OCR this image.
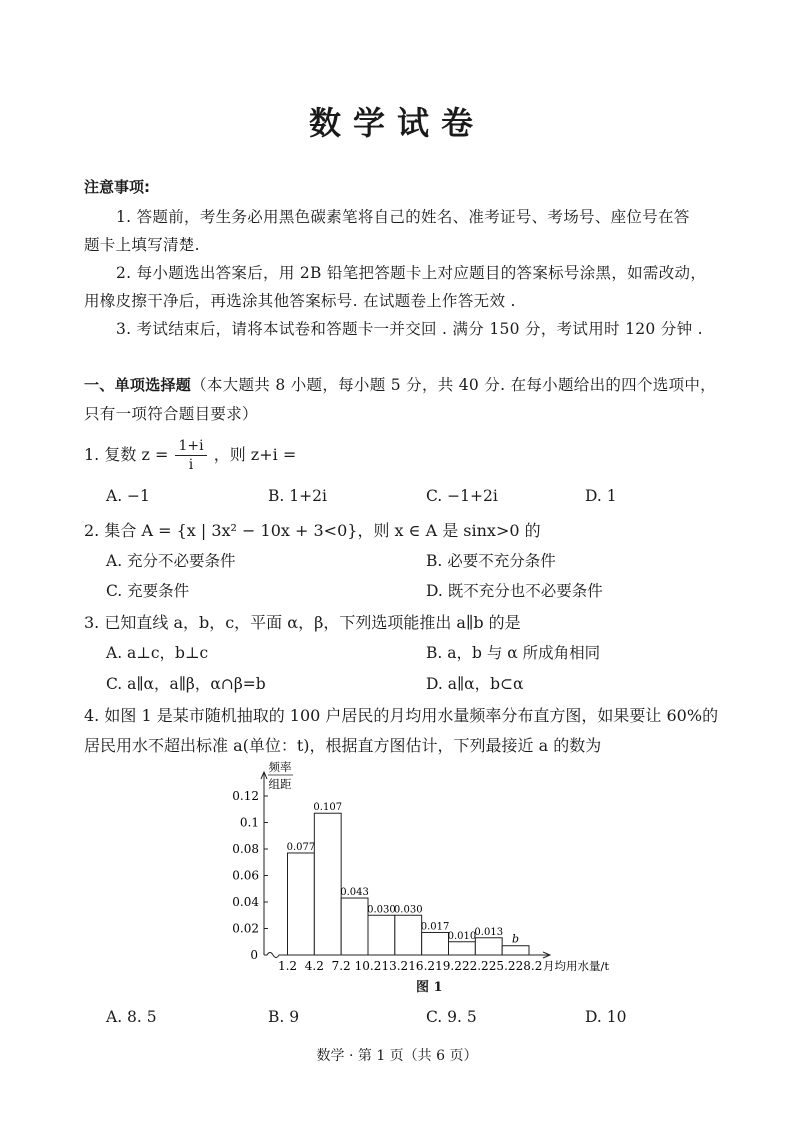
数学试卷
注意事项:
1. 答题前，考生务必用黑色碳素笔将自己的姓名、准考证号、考场号、座位号在答
题卡上填写清楚.
2. 每小题选出答案后，用 2B 铅笔把答题卡上对应题目的答案标号涂黑，如需改动，
用橡皮擦干净后，再选涂其他答案标号. 在试题卷上作答无效 .
3. 考试结束后，请将本试卷和答题卡一并交回 . 满分 150 分，考试用时 120 分钟 .
一、单项选择题（本大题共 8 小题，每小题 5 分，共 40 分. 在每小题给出的四个选项中，
只有一项符合题目要求）
1. 复数 $z = \frac{1+i}{i}$ ，则 z+i =
A. −1	B. 1+2i	C. −1+2i	D. 1
2. 集合 A = {x | 3x² − 10x + 3<0}，则 x ∈ A 是 sinx>0 的
A. 充分不必要条件	B. 必要不充分条件
C. 充要条件	D. 既不充分也不必要条件
3. 已知直线 a，b，c，平面 α，β，下列选项能推出 a∥b 的是
A. a⊥c，b⊥c	B. a，b 与 α 所成角相同
C. a∥α，a∥β，α∩β=b	D. a∥α，b⊂α
4. 如图 1 是某市随机抽取的 100 户居民的月均用水量频率分布直方图，如果要让 60%的
居民用水不超出标准 a(单位：t)，根据直方图估计，下列最接近 a 的数为
频率
组距
0
0.02
0.04
0.06
0.08
0.1
0.12
1.2 4.2 7.2 10.2 13.2 16.2 19.2 22.2 25.2 28.2 月均用水量/t
0.077
0.107
0.043
0.030
0.030
0.017
0.010
0.013
b
图 1
A. 8. 5	B. 9	C. 9. 5	D. 10
数学 · 第 1 页（共 6 页）
